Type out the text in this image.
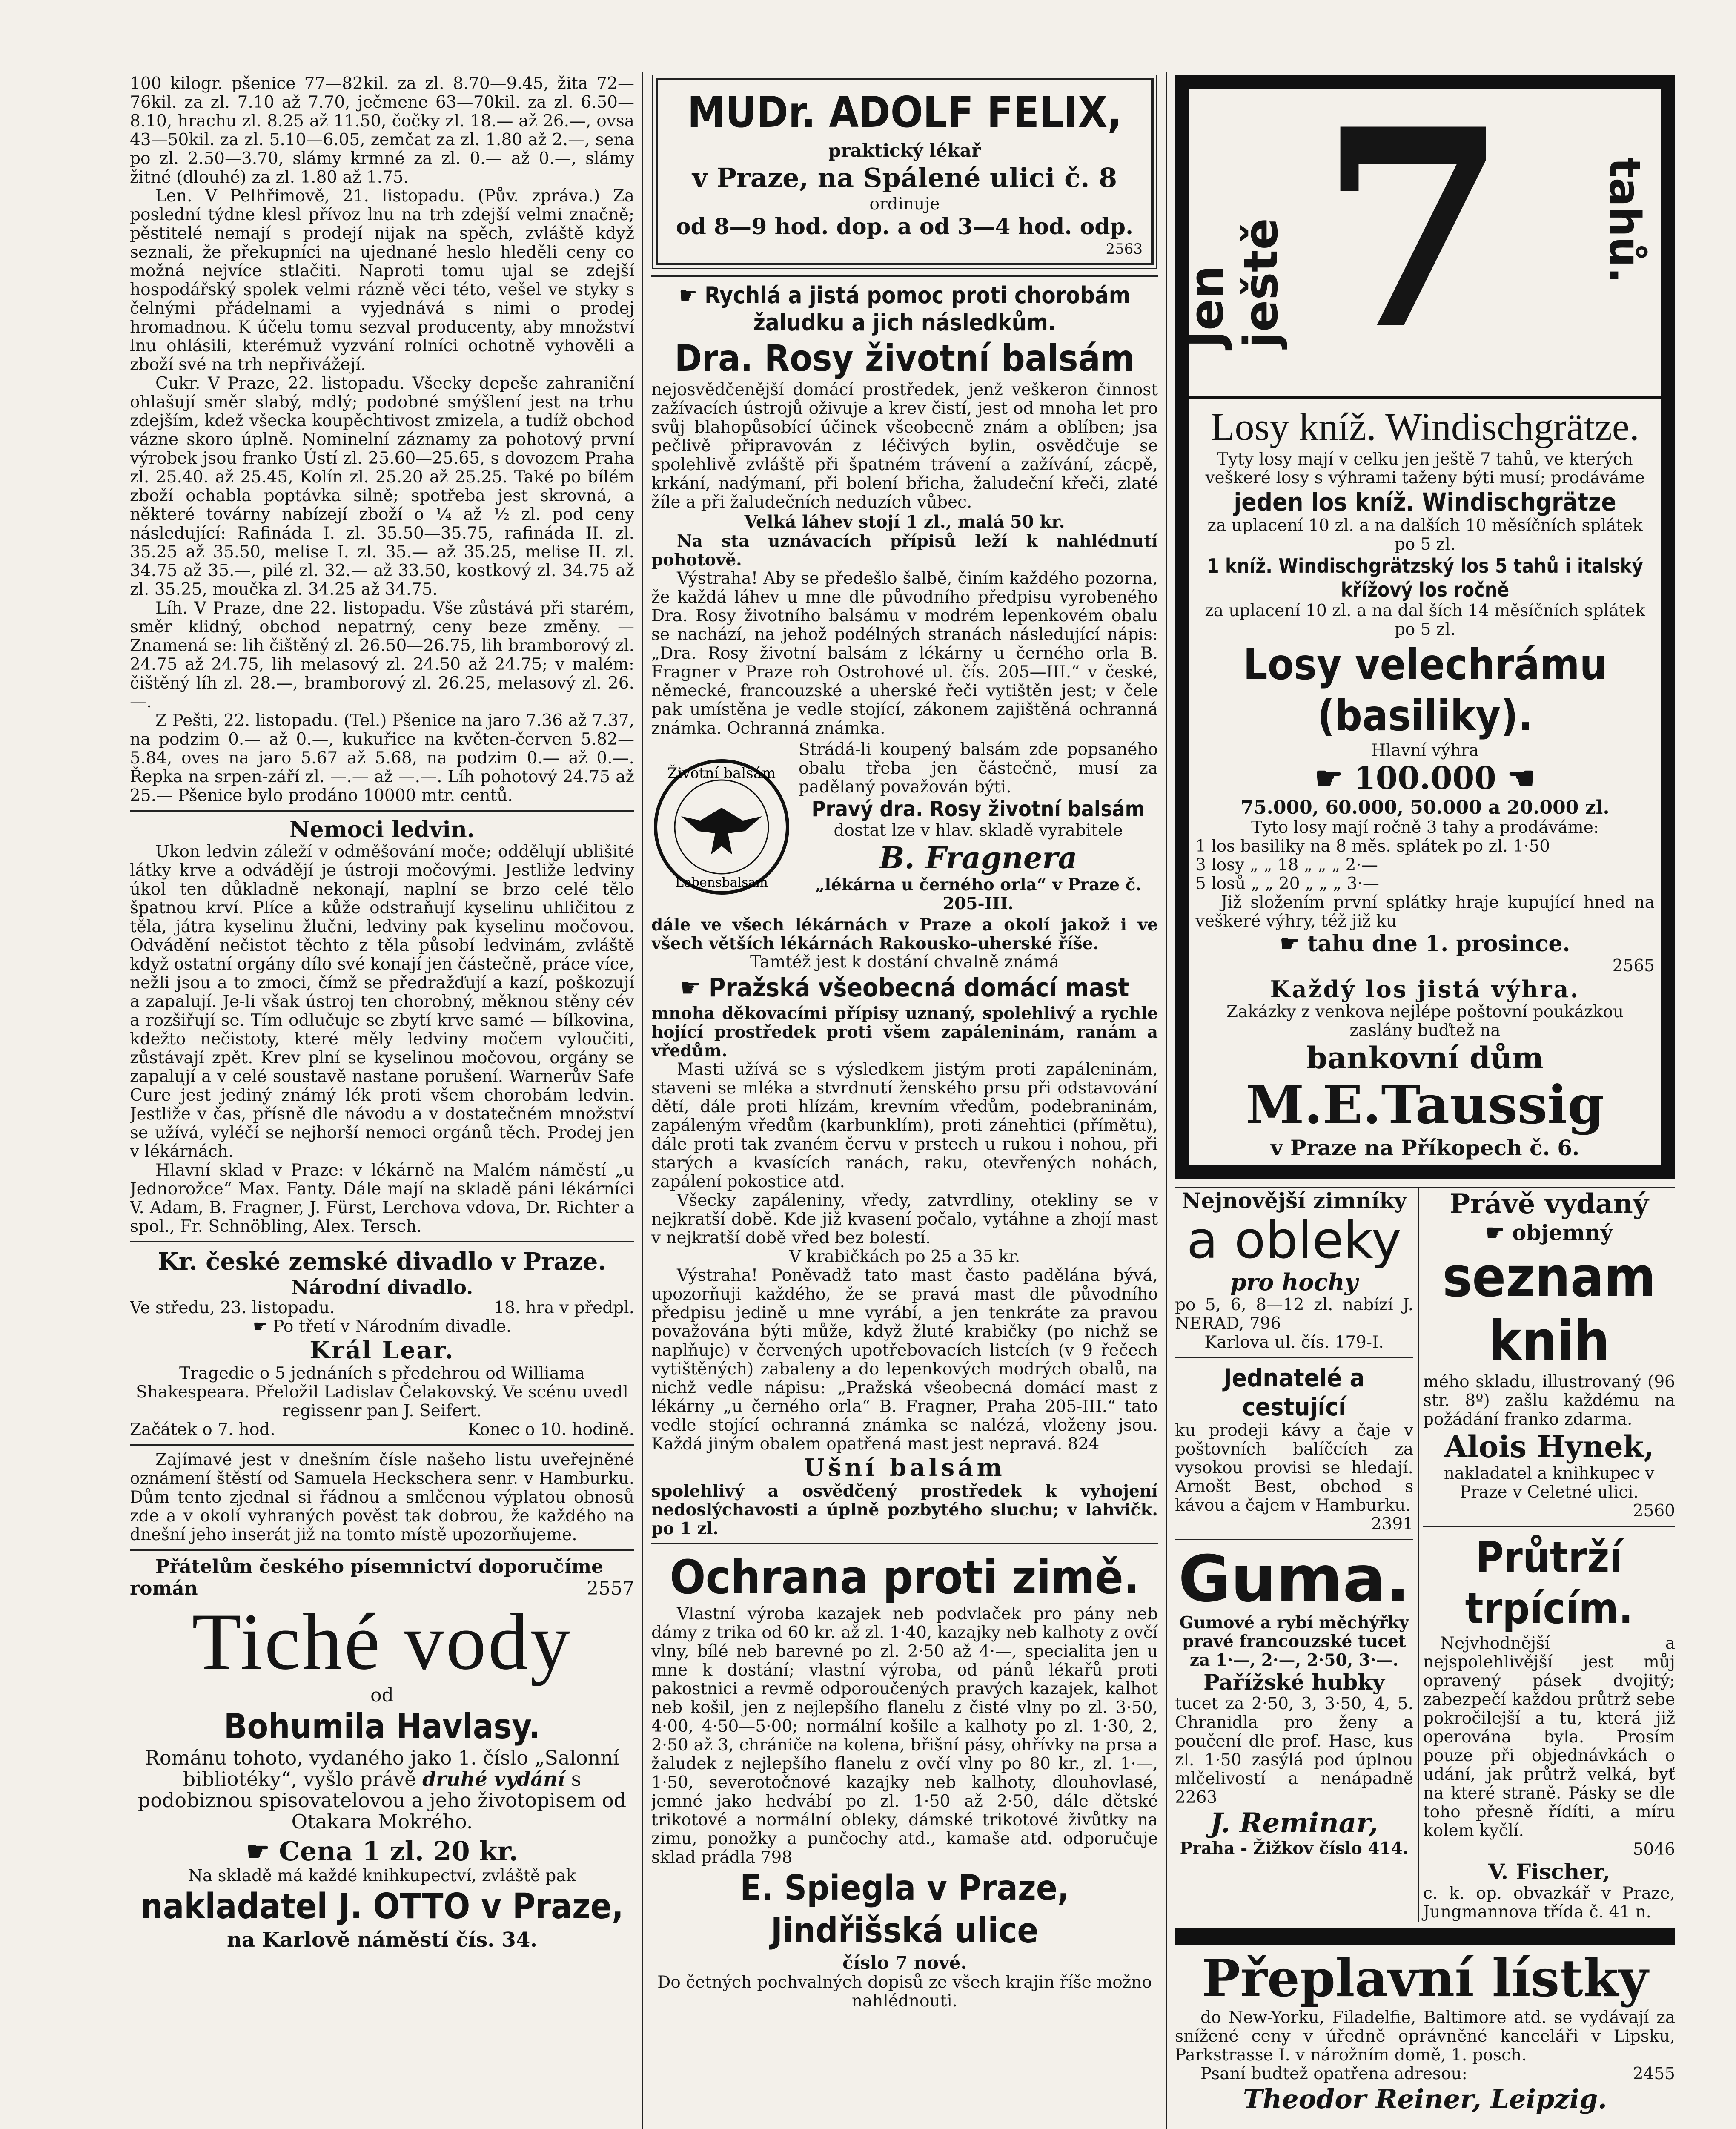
100 kilogr. pšenice 77—82kil. za zl. 8.70—9.45, žita 72—76kil. za zl. 7.10 až 7.70, ječmene 63—70kil. za zl. 6.50—8.10, hrachu zl. 8.25 až 11.50, čočky zl. 18.— až 26.—, ovsa 43—50kil. za zl. 5.10—6.05, zemčat za zl. 1.80 až 2.—, sena po zl. 2.50—3.70, slámy krmné za zl. 0.— až 0.—, slámy žitné (dlouhé) za zl. 1.80 až 1.75.

Len. V Pelhřimově, 21. listopadu. (Pův. zpráva.) Za poslední týdne klesl přívoz lnu na trh zdejší velmi značně; pěstitelé nemají s prodejí nijak na spěch, zvláště když seznali, že překupníci na ujednané heslo hleděli ceny co možná nejvíce stlačiti. Naproti tomu ujal se zdejší hospodářský spolek velmi rázně věci této, vešel ve styky s čelnými přádelnami a vyjednává s nimi o prodej hromadnou. K účelu tomu sezval producenty, aby množství lnu ohlásili, kterémuž vyzvání rolníci ochotně vyhověli a zboží své na trh nepřivážejí.

Cukr. V Praze, 22. listopadu. Všecky depeše zahraniční ohlašují směr slabý, mdlý; podobné smýšlení jest na trhu zdejším, kdež všecka koupěchtivost zmizela, a tudíž obchod vázne skoro úplně. Nominelní záznamy za pohotový první výrobek jsou franko Ústí zl. 25.60—25.65, s dovozem Praha zl. 25.40. až 25.45, Kolín zl. 25.20 až 25.25. Také po bílém zboží ochabla poptávka silně; spotřeba jest skrovná, a některé továrny nabízejí zboží o ¼ až ½ zl. pod ceny následující: Rafináda I. zl. 35.50—35.75, rafináda II. zl. 35.25 až 35.50, melise I. zl. 35.— až 35.25, melise II. zl. 34.75 až 35.—, pilé zl. 32.— až 33.50, kostkový zl. 34.75 až zl. 35.25, moučka zl. 34.25 až 34.75.

Líh. V Praze, dne 22. listopadu. Vše zůstává při starém, směr klidný, obchod nepatrný, ceny beze změny. — Znamená se: lih čištěný zl. 26.50—26.75, lih bramborový zl. 24.75 až 24.75, lih melasový zl. 24.50 až 24.75; v malém: čištěný líh zl. 28.—, bramborový zl. 26.25, melasový zl. 26.—.

Z Pešti, 22. listopadu. (Tel.) Pšenice na jaro 7.36 až 7.37, na podzim 0.— až 0.—, kukuřice na květen-červen 5.82—5.84, oves na jaro 5.67 až 5.68, na podzim 0.— až 0.—. Řepka na srpen-září zl. —.— až —.—. Líh pohotový 24.75 až 25.— Pšenice bylo prodáno 10000 mtr. centů.

Nemoci ledvin.

Ukon ledvin záleží v odměšování moče; oddělují ublišité látky krve a odvádějí je ústroji močovými. Jestliže ledviny úkol ten důkladně nekonají, naplní se brzo celé tělo špatnou krví. Plíce a kůže odstraňují kyselinu uhličitou z těla, játra kyselinu žlučni, ledviny pak kyselinu močovou. Odvádění nečistot těchto z těla působí ledvinám, zvláště když ostatní orgány dílo své konají jen částečně, práce více, nežli jsou a to zmoci, čímž se předražďují a kazí, poškozují a zapalují. Je-li však ústroj ten chorobný, měknou stěny cév a rozšiřují se. Tím odlučuje se zbytí krve samé — bílkovina, kdežto nečistoty, které měly ledviny močem vyloučiti, zůstávají zpět. Krev plní se kyselinou močovou, orgány se zapalují a v celé soustavě nastane porušení. Warnerův Safe Cure jest jediný známý lék proti všem chorobám ledvin. Jestliže v čas, přísně dle návodu a v dostatečném množství se užívá, vyléčí se nejhorší nemoci orgánů těch. Prodej jen v lékárnách.

Hlavní sklad v Praze: v lékárně na Malém náměstí „u Jednorožce“ Max. Fanty. Dále mají na skladě páni lékárníci V. Adam, B. Fragner, J. Fürst, Lerchova vdova, Dr. Richter a spol., Fr. Schnöbling, Alex. Tersch.

Kr. české zemské divadlo v Praze.

Národní divadlo.

Ve středu, 23. listopadu.	18. hra v předpl.

☛ Po třetí v Národním divadle.

Král Lear.

Tragedie o 5 jednáních s předehrou od Williama Shakespeara. Přeložil Ladislav Čelakovský. Ve scénu uvedl regissenr pan J. Seifert.

Začátek o 7. hod.	Konec o 10. hodině.

Zajímavé jest v dnešním čísle našeho listu uveřejněné oznámení štěstí od Samuela Heckschera senr. v Hamburku. Dům tento zjednal si řádnou a smlčenou výplatou obnosů zde a v okolí vyhraných pověst tak dobrou, že každého na dnešní jeho inserát již na tomto místě upozorňujeme.

Přátelům českého písemnictví doporučíme román	2557

Tiché vody

od

Bohumila Havlasy.

Románu tohoto, vydaného jako 1. číslo „Salonní bibliotéky“, vyšlo právě druhé vydání s podobiznou spisovatelovou a jeho životopisem od Otakara Mokrého.

☛ Cena 1 zl. 20 kr.

Na skladě má každé knihkupectví, zvláště pak

nakladatel J. OTTO v Praze,

na Karlově náměstí čís. 34.

MUDr. ADOLF FELIX,

praktický lékař

v Praze, na Spálené ulici č. 8

ordinuje

od 8—9 hod. dop. a od 3—4 hod. odp.

2563

☛ Rychlá a jistá pomoc proti chorobám žaludku a jich následkům.

Dra. Rosy životní balsám

nejosvědčenější domácí prostředek, jenž veškeron činnost zažívacích ústrojů oživuje a krev čistí, jest od mnoha let pro svůj blahopůsobící účinek všeobecně znám a oblíben; jsa pečlivě připravován z léčivých bylin, osvědčuje se spolehlivě zvláště při špatném trávení a zažívání, zácpě, krkání, nadýmaní, při bolení břicha, žaludeční křeči, zlaté žíle a při žaludečních neduzích vůbec.

Velká láhev stojí 1 zl., malá 50 kr.

Na sta uznávacích přípisů leží k nahlédnutí pohotově.

Výstraha! Aby se předešlo šalbě, činím každého pozorna, že každá láhev u mne dle původního předpisu vyrobeného Dra. Rosy životního balsámu v modrém lepenkovém obalu se nachází, na jehož podélných stranách následující nápis: „Dra. Rosy životní balsám z lékárny u černého orla B. Fragner v Praze roh Ostrohové ul. čís. 205—III.“ v české, německé, francouzské a uherské řeči vytištěn jest; v čele pak umístěna je vedle stojící, zákonem zajištěná ochranná známka. Ochranná známka.

Životní balsám
Lebensbalsam

Strádá-li koupený balsám zde popsaného obalu třeba jen částečně, musí za padělaný považován býti.

Pravý dra. Rosy životní balsám

dostat lze v hlav. skladě vyrabitele

B. Fragnera

„lékárna u černého orla“ v Praze č. 205-III.

dále ve všech lékárnách v Praze a okolí jakož i ve všech větších lékárnách Rakousko-uherské říše.

Tamtéž jest k dostání chvalně známá

☛ Pražská všeobecná domácí mast

mnoha děkovacími přípisy uznaný, spolehlivý a rychle hojící prostředek proti všem zapáleninám, ranám a vředům.

Masti užívá se s výsledkem jistým proti zapáleninám, staveni se mléka a stvrdnutí ženského prsu při odstavování dětí, dále proti hlízám, krevním vředům, podebraninám, zapáleným vředům (karbunklím), proti zánehtici (přímětu), dále proti tak zvaném červu v prstech u rukou i nohou, při starých a kvasících ranách, raku, otevřených nohách, zapálení pokostice atd.

Všecky zapáleniny, vředy, zatvrdliny, otekliny se v nejkratší době. Kde již kvasení počalo, vytáhne a zhojí mast v nejkratší době vřed bez bolestí.

V krabičkách po 25 a 35 kr.

Výstraha! Poněvadž tato mast často padělána bývá, upozorňuji každého, že se pravá mast dle původního předpisu jedině u mne vyrábí, a jen tenkráte za pravou považována býti může, když žluté krabičky (po nichž se naplňuje) v červených upotřebovacích listcích (v 9 řečech vytištěných) zabaleny a do lepenkových modrých obalů, na nichž vedle nápisu: „Pražská všeobecná domácí mast z lékárny „u černého orla“ B. Fragner, Praha 205-III.“ tato vedle stojící ochranná známka se nalézá, vloženy jsou. Každá jiným obalem opatřená mast jest nepravá. 824

Ušní balsám

spolehlivý a osvědčený prostředek k vyhojení nedoslýchavosti a úplně pozbytého sluchu; v lahvičk. po 1 zl.

Ochrana proti zimě.

Vlastní výroba kazajek neb podvlaček pro pány neb dámy z trika od 60 kr. až zl. 1·40, kazajky neb kalhoty z ovčí vlny, bílé neb barevné po zl. 2·50 až 4·—, specialita jen u mne k dostání; vlastní výroba, od pánů lékařů proti pakostnici a revmě odporoučených pravých kazajek, kalhot neb košil, jen z nejlepšího flanelu z čisté vlny po zl. 3·50, 4·00, 4·50—5·00; normální košile a kalhoty po zl. 1·30, 2, 2·50 až 3, chrániče na kolena, břišní pásy, ohřívky na prsa a žaludek z nejlepšího flanelu z ovčí vlny po 80 kr., zl. 1·—, 1·50, severotočnové kazajky neb kalhoty, dlouhovlasé, jemné jako hedvábí po zl. 1·50 až 2·50, dále dětské trikotové a normální obleky, dámské trikotové živůtky na zimu, ponožky a punčochy atd., kamaše atd. odporučuje sklad prádla 798

E. Spiegla v Praze, Jindřišská ulice

číslo 7 nové.

Do četných pochvalných dopisů ze všech krajin říše možno nahlédnouti.

Jen ještě 7 tahů.

Losy kníž. Windischgrätze.

Tyty losy mají v celku jen ještě 7 tahů, ve kterých veškeré losy s výhrami taženy býti musí; prodáváme

jeden los kníž. Windischgrätze

za uplacení 10 zl. a na dalších 10 měsíčních splátek po 5 zl.

1 kníž. Windischgrätzský los 5 tahů i italský křížový los ročně

za uplacení 10 zl. a na dal ších 14 měsíčních splátek po 5 zl.

Losy velechrámu (basiliky).

Hlavní výhra

☛ 100.000 ☚

75.000, 60.000, 50.000 a 20.000 zl.

Tyto losy mají ročně 3 tahy a prodáváme:

1 los basiliky na 8 měs. splátek po zl. 1·50

3 losy „ „ 18 „ „ „ 2·—

5 losů „ „ 20 „ „ „ 3·—

Již složením první splátky hraje kupující hned na veškeré výhry, též již ku

☛ tahu dne 1. prosince.

2565

Každý los jistá výhra.

Zakázky z venkova nejlépe poštovní poukázkou zaslány buďtež na

bankovní dům

M.E.Taussig

v Praze na Příkopech č. 6.

Nejnovější zimníky

a obleky

pro hochy

po 5, 6, 8—12 zl. nabízí J. NERAD, 796

Karlova ul. čís. 179-I.

Jednatelé a cestující

ku prodeji kávy a čaje v poštovních balíčcích za vysokou provisi se hledají. Arnošt Best, obchod s kávou a čajem v Hamburku.

2391

Guma.

Gumové a rybí měchýřky pravé francouzské tucet za 1·—, 2·—, 2·50, 3·—.

Pařížské hubky

tucet za 2·50, 3, 3·50, 4, 5. Chranidla pro ženy a poučení dle prof. Hase, kus zl. 1·50 zasýlá pod úplnou mlčelivostí a nenápadně 2263

J. Reminar,

Praha - Žižkov číslo 414.

Právě vydaný

☛ objemný

seznam knih

mého skladu, illustrovaný (96 str. 8º) zašlu každému na požádání franko zdarma.

Alois Hynek,

nakladatel a knihkupec v Praze v Celetné ulici.

2560

Průtrží trpícím.

Nejvhodnější a nejspolehlivější jest můj opravený pásek dvojitý; zabezpečí každou průtrž sebe pokročilejší a tu, která již operována byla. Prosím pouze při objednávkách o udání, jak průtrž velká, byť na které straně. Pásky se dle toho přesně řídíti, a míru kolem kyčlí.

5046

V. Fischer,

c. k. op. obvazkář v Praze, Jungmannova třída č. 41 n.

Přeplavní lístky

do New-Yorku, Filadelfie, Baltimore atd. se vydávají za snížené ceny v úředně oprávněné kanceláři v Lipsku, Parkstrasse I. v nárožním domě, 1. posch.

Psaní budtež opatřena adresou:	2455

Theodor Reiner, Leipzig.
